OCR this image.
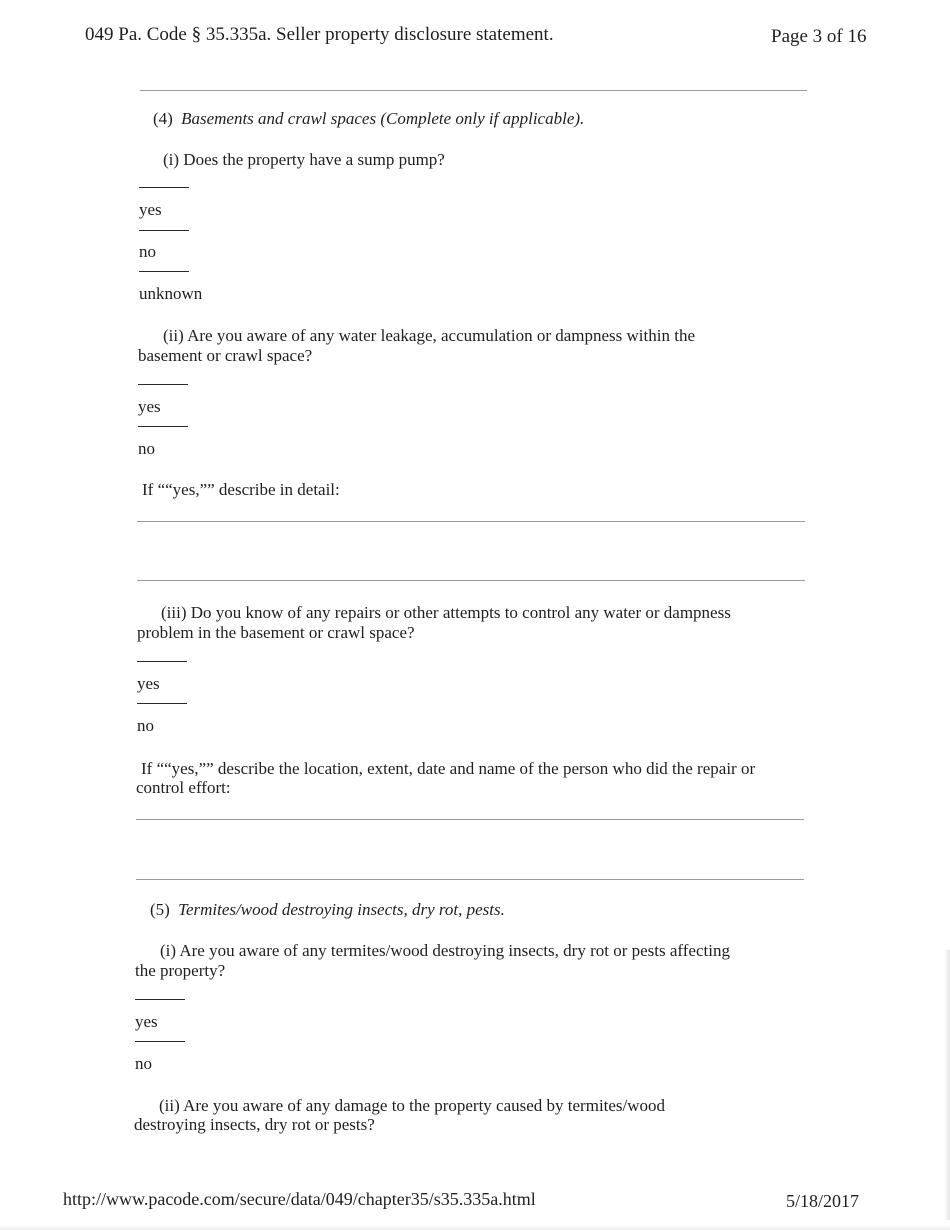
049 Pa. Code § 35.335a. Seller property disclosure statement.	Page 3 of 16
(4) Basements and crawl spaces (Complete only if applicable).
(i) Does the property have a sump pump?
yes
no
unknown
(ii) Are you aware of any water leakage, accumulation or dampness within the
basement or crawl space?
yes
no
If ““yes,”” describe in detail:
(iii) Do you know of any repairs or other attempts to control any water or dampness
problem in the basement or crawl space?
yes
no
If ““yes,”” describe the location, extent, date and name of the person who did the repair or
control effort:
(5) Termites/wood destroying insects, dry rot, pests.
(i) Are you aware of any termites/wood destroying insects, dry rot or pests affecting
the property?
yes
no
(ii) Are you aware of any damage to the property caused by termites/wood
destroying insects, dry rot or pests?
http://www.pacode.com/secure/data/049/chapter35/s35.335a.html	5/18/2017
